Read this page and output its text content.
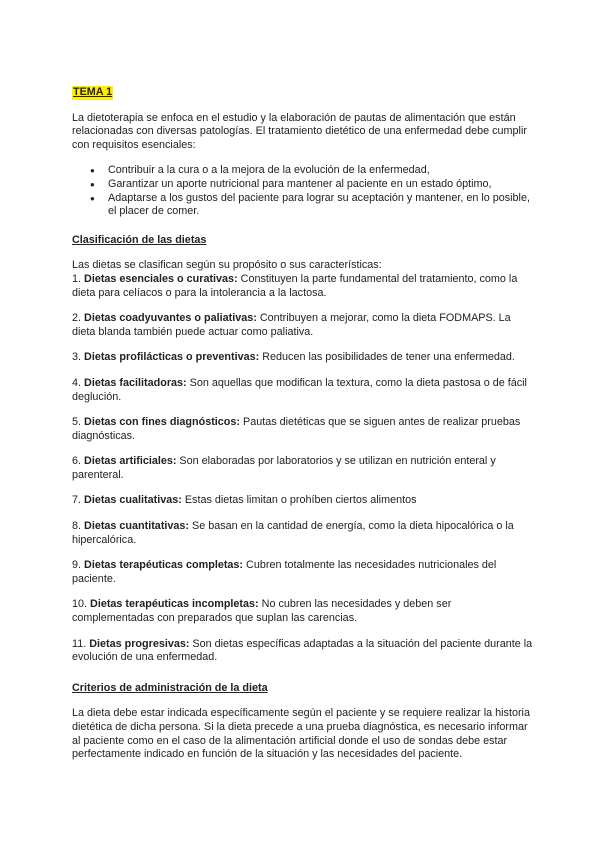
TEMA 1

La dietoterapia se enfoca en el estudio y la elaboración de pautas de alimentación que están relacionadas con diversas patologías. El tratamiento dietético de una enfermedad debe cumplir con requisitos esenciales:

● Contribuir a la cura o a la mejora de la evolución de la enfermedad,
● Garantizar un aporte nutricional para mantener al paciente en un estado óptimo,
● Adaptarse a los gustos del paciente para lograr su aceptación y mantener, en lo posible, el placer de comer.
Clasificación de las dietas

Las dietas se clasifican según su propósito o sus características:

1. Dietas esenciales o curativas: Constituyen la parte fundamental del tratamiento, como la dieta para celíacos o para la intolerancia a la lactosa.

2. Dietas coadyuvantes o paliativas: Contribuyen a mejorar, como la dieta FODMAPS. La dieta blanda también puede actuar como paliativa.

3. Dietas profilácticas o preventivas: Reducen las posibilidades de tener una enfermedad.

4. Dietas facilitadoras: Son aquellas que modifican la textura, como la dieta pastosa o de fácil deglución.

5. Dietas con fines diagnósticos: Pautas dietéticas que se siguen antes de realizar pruebas diagnósticas.

6. Dietas artificiales: Son elaboradas por laboratorios y se utilizan en nutrición enteral y parenteral.

7. Dietas cualitativas: Estas dietas limitan o prohíben ciertos alimentos

8. Dietas cuantitativas: Se basan en la cantidad de energía, como la dieta hipocalórica o la hipercalórica.

9. Dietas terapéuticas completas: Cubren totalmente las necesidades nutricionales del paciente.

10. Dietas terapéuticas incompletas: No cubren las necesidades y deben ser complementadas con preparados que suplan las carencias.

11. Dietas progresivas: Son dietas específicas adaptadas a la situación del paciente durante la evolución de una enfermedad.

Criterios de administración de la dieta

La dieta debe estar indicada específicamente según el paciente y se requiere realizar la historia dietética de dicha persona. Si la dieta precede a una prueba diagnóstica, es necesario informar al paciente como en el caso de la alimentación artificial donde el uso de sondas debe estar perfectamente indicado en función de la situación y las necesidades del paciente.
